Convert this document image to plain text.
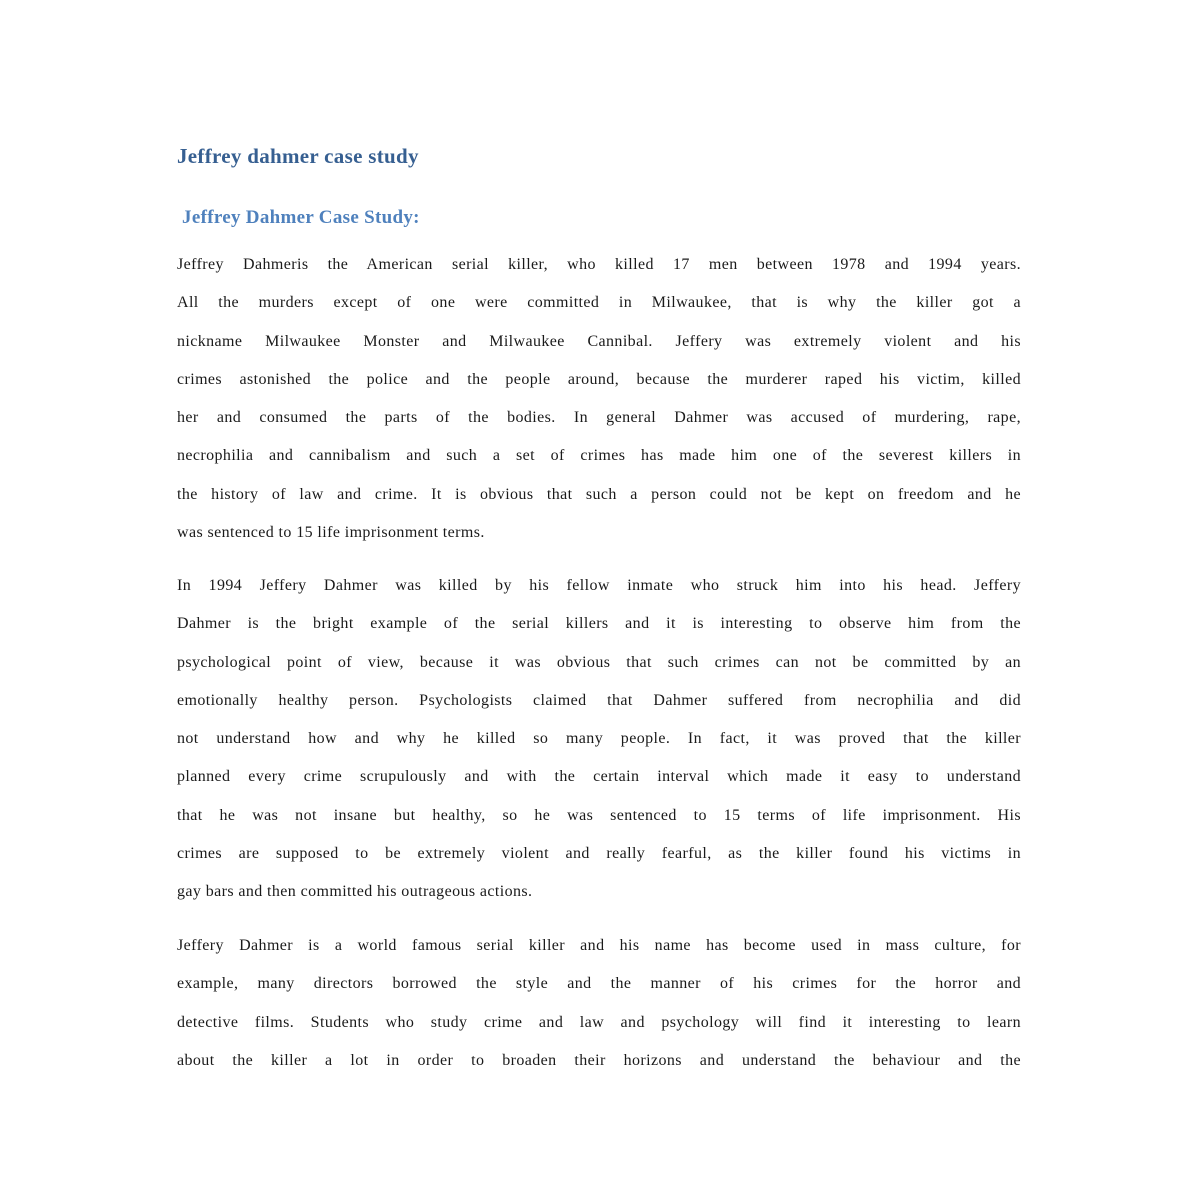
Jeffrey dahmer case study
Jeffrey Dahmer Case Study:
Jeffrey Dahmeris the American serial killer, who killed 17 men between 1978 and 1994 years.
All the murders except of one were committed in Milwaukee, that is why the killer got a
nickname Milwaukee Monster and Milwaukee Cannibal. Jeffery was extremely violent and his
crimes astonished the police and the people around, because the murderer raped his victim, killed
her and consumed the parts of the bodies. In general Dahmer was accused of murdering, rape,
necrophilia and cannibalism and such a set of crimes has made him one of the severest killers in
the history of law and crime. It is obvious that such a person could not be kept on freedom and he
was sentenced to 15 life imprisonment terms.
In 1994 Jeffery Dahmer was killed by his fellow inmate who struck him into his head. Jeffery
Dahmer is the bright example of the serial killers and it is interesting to observe him from the
psychological point of view, because it was obvious that such crimes can not be committed by an
emotionally healthy person. Psychologists claimed that Dahmer suffered from necrophilia and did
not understand how and why he killed so many people. In fact, it was proved that the killer
planned every crime scrupulously and with the certain interval which made it easy to understand
that he was not insane but healthy, so he was sentenced to 15 terms of life imprisonment. His
crimes are supposed to be extremely violent and really fearful, as the killer found his victims in
gay bars and then committed his outrageous actions.
Jeffery Dahmer is a world famous serial killer and his name has become used in mass culture, for
example, many directors borrowed the style and the manner of his crimes for the horror and
detective films. Students who study crime and law and psychology will find it interesting to learn
about the killer a lot in order to broaden their horizons and understand the behaviour and the
